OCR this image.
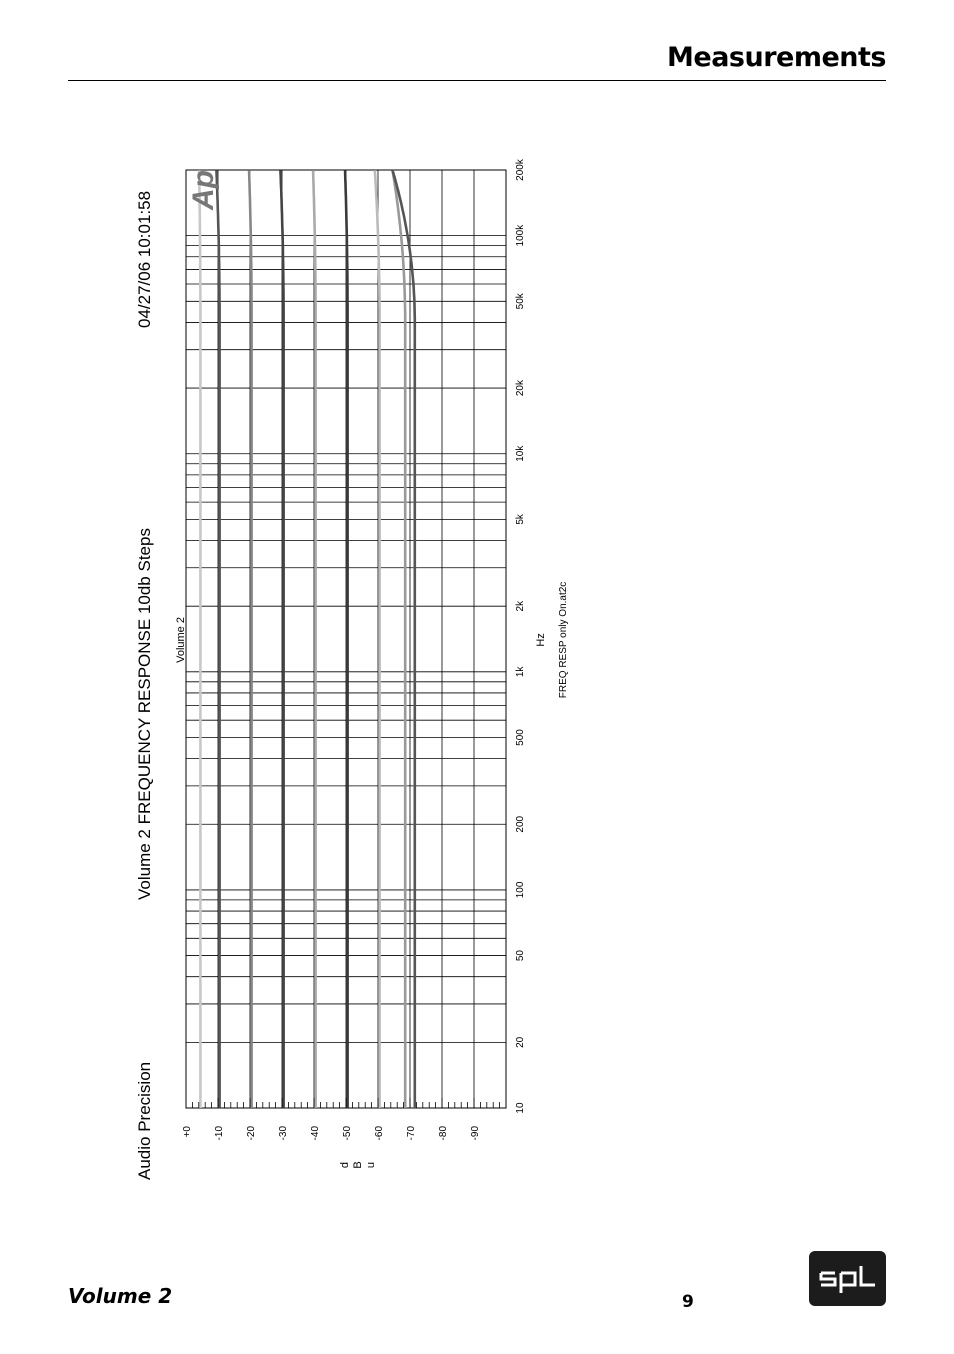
Measurements
Audio Precision
Volume 2 FREQUENCY RESPONSE 10db Steps
04/27/06 10:01:58
+0 -10 -20 -30 -40 -50 -60 -70 -80 -90
10
20
50
100
200
500
1k
2k
5k
10k
20k
50k
100k
200k
Volume 2
Ap
Hz FREQ RESP only On.at2c
d B u
Volume 2	9
